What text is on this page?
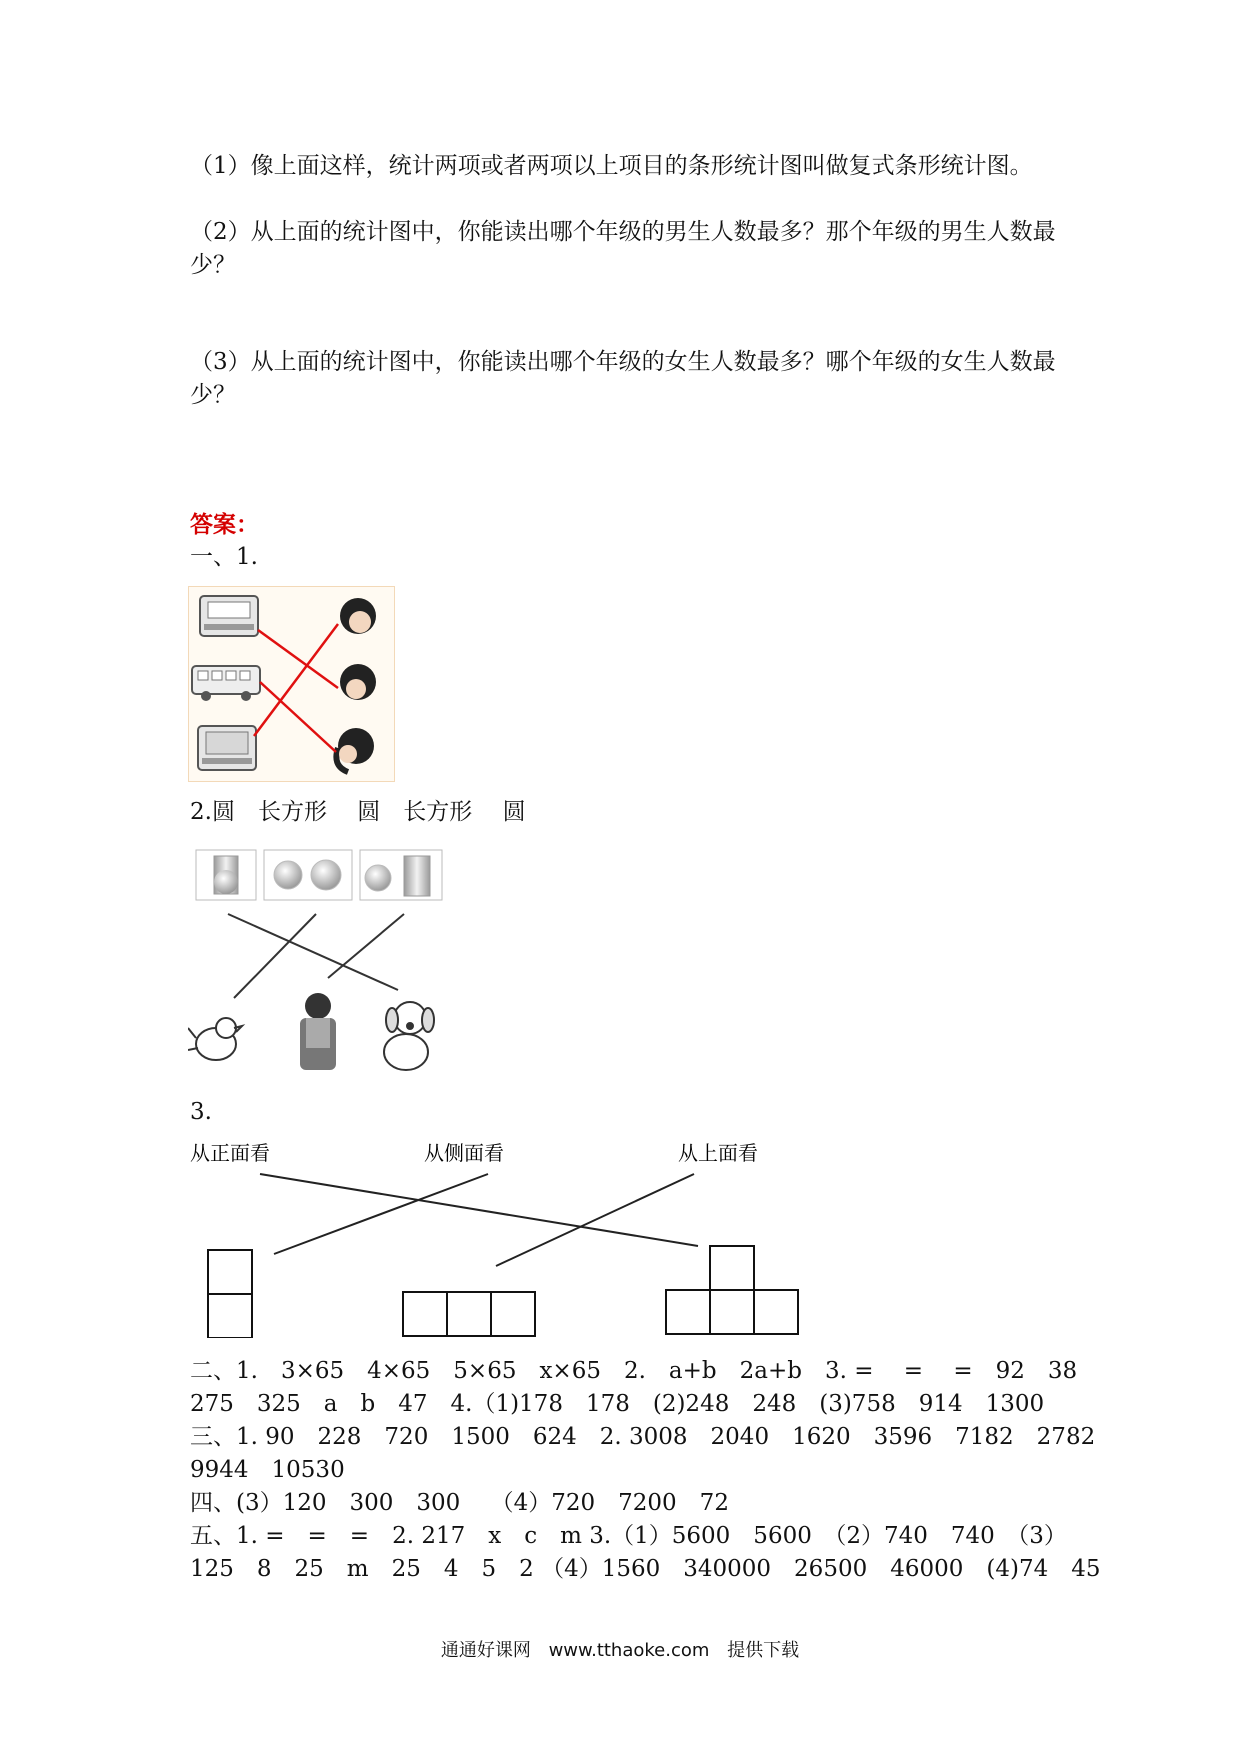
（1）像上面这样，统计两项或者两项以上项目的条形统计图叫做复式条形统计图。

（2）从上面的统计图中，你能读出哪个年级的男生人数最多？那个年级的男生人数最少？

（3）从上面的统计图中，你能读出哪个年级的女生人数最多？哪个年级的女生人数最少？

答案：

一、1.

2.圆　长方形　 圆　长方形　 圆

3.

从正面看	从侧面看	从上面看

二、1.　3×65　4×65　5×65　x×65　2.　a+b　2a+b　3. =　 =　 =　92　38

275　325　a　b　47　4.（1)178　178　(2)248　248　(3)758　914　1300

三、1. 90　228　720　1500　624　2. 3008　2040　1620　3596　7182　2782

9944　10530

四、(3）120　300　300　 （4）720　7200　72

五、1. =　=　=　2. 217　x　c　m 3.（1）5600　5600　（2）740　740　（3）

125　8　25　m　25　4　5　2 （4）1560　340000　26500　46000　(4)74　45

通通好课网 www.tthaoke.com 提供下载
